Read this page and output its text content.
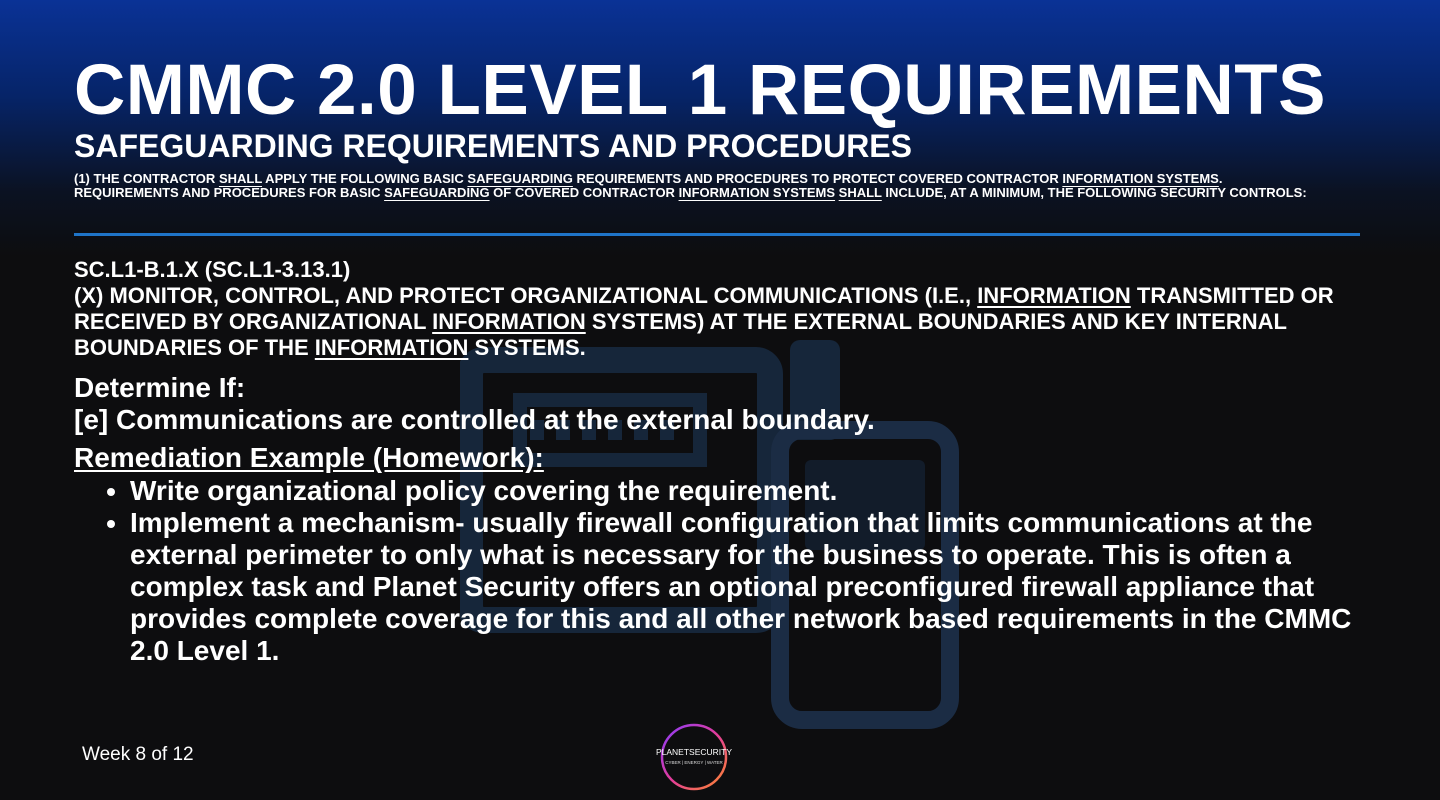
CMMC 2.0 LEVEL 1 REQUIREMENTS
SAFEGUARDING REQUIREMENTS AND PROCEDURES
(1) THE CONTRACTOR SHALL APPLY THE FOLLOWING BASIC SAFEGUARDING REQUIREMENTS AND PROCEDURES TO PROTECT COVERED CONTRACTOR INFORMATION SYSTEMS. REQUIREMENTS AND PROCEDURES FOR BASIC SAFEGUARDING OF COVERED CONTRACTOR INFORMATION SYSTEMS SHALL INCLUDE, AT A MINIMUM, THE FOLLOWING SECURITY CONTROLS:
SC.L1-B.1.X (SC.L1-3.13.1)
(X) MONITOR, CONTROL, AND PROTECT ORGANIZATIONAL COMMUNICATIONS (I.E., INFORMATION TRANSMITTED OR RECEIVED BY ORGANIZATIONAL INFORMATION SYSTEMS) AT THE EXTERNAL BOUNDARIES AND KEY INTERNAL BOUNDARIES OF THE INFORMATION SYSTEMS.
Determine If:
[e] Communications are controlled at the external boundary.
Remediation Example (Homework):
• Write organizational policy covering the requirement.
• Implement a mechanism- usually firewall configuration that limits communications at the external perimeter to only what is necessary for the business to operate. This is often a complex task and Planet Security offers an optional preconfigured firewall appliance that provides complete coverage for this and all other network based requirements in the CMMC 2.0 Level 1.
Week 8 of 12	PLANETSECURITY
CYBER | ENERGY | WATER
